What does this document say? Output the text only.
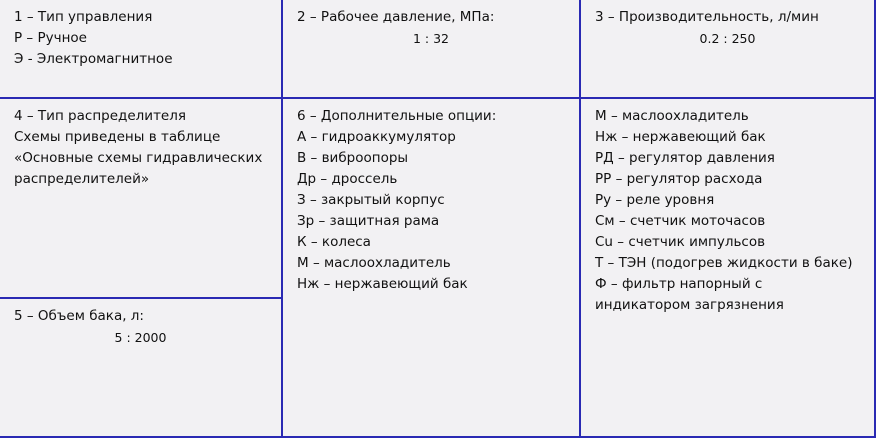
1 – Тип управления
Р – Ручное
Э - Электромагнитное
2 – Рабочее давление, МПа:
1 : 32
3 – Производительность, л/мин
0.2 : 250
4 – Тип распределителя
Схемы приведены в таблице
«Основные схемы гидравлических
распределителей»
5 – Объем бака, л:
5 : 2000
6 – Дополнительные опции:
А – гидроаккумулятор
В – виброопоры
Др – дроссель
З – закрытый корпус
Зр – защитная рама
К – колеса
М – маслоохладитель
Нж – нержавеющий бак
М – маслоохладитель
Нж – нержавеющий бак
РД – регулятор давления
РР – регулятор расхода
Ру – реле уровня
См – счетчик моточасов
Сu – счетчик импульсов
Т – ТЭН (подогрев жидкости в баке)
Ф – фильтр напорный с индикатором загрязнения
